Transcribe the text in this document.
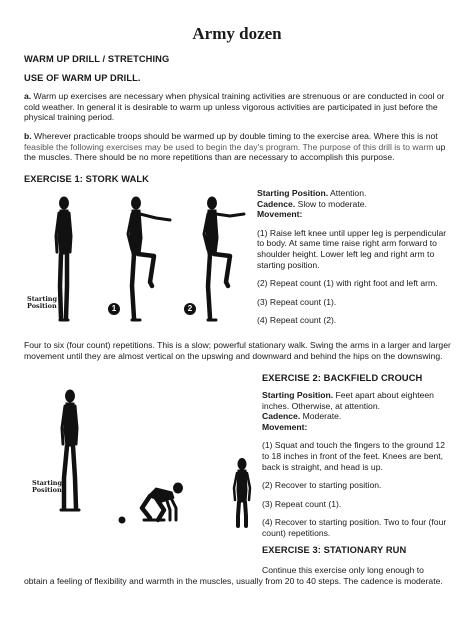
Army dozen
WARM UP DRILL / STRETCHING
USE OF WARM UP DRILL.
a. Warm up exercises are necessary when physical training activities are strenuous or are conducted in cool or cold weather. In general it is desirable to warm up unless vigorous activities are participated in just before the physical training period.
b. Wherever practicable troops should be warmed up by double timing to the exercise area. Where this is not feasible the following exercises may be used to begin the day's program. The purpose of this drill is to warm up the muscles. There should be no more repetitions than are necessary to accomplish this purpose.
EXERCISE 1: STORK WALK
Starting
Position	1	2
Starting Position. Attention.
Cadence. Slow to moderate.
Movement:
(1) Raise left knee until upper leg is perpendicular to body. At same time raise right arm forward to shoulder height. Lower left leg and right arm to starting position.
(2) Repeat count (1) with right foot and left arm.
(3) Repeat count (1).
(4) Repeat count (2).
Four to six (four count) repetitions. This is a slow; powerful stationary walk. Swing the arms in a larger and larger movement until they are almost vertical on the upswing and downward and behind the hips on the downswing.
Starting
Position
EXERCISE 2: BACKFIELD CROUCH
Starting Position. Feet apart about eighteen inches. Otherwise, at attention.
Cadence. Moderate.
Movement:
(1) Squat and touch the fingers to the ground 12 to 18 inches in front of the feet. Knees are bent, back is straight, and head is up.
(2) Recover to starting position.
(3) Repeat count (1).
(4) Recover to starting position. Two to four (four count) repetitions.
EXERCISE 3: STATIONARY RUN
Continue this exercise only long enough to
obtain a feeling of flexibility and warmth in the muscles, usually from 20 to 40 steps. The cadence is moderate.
